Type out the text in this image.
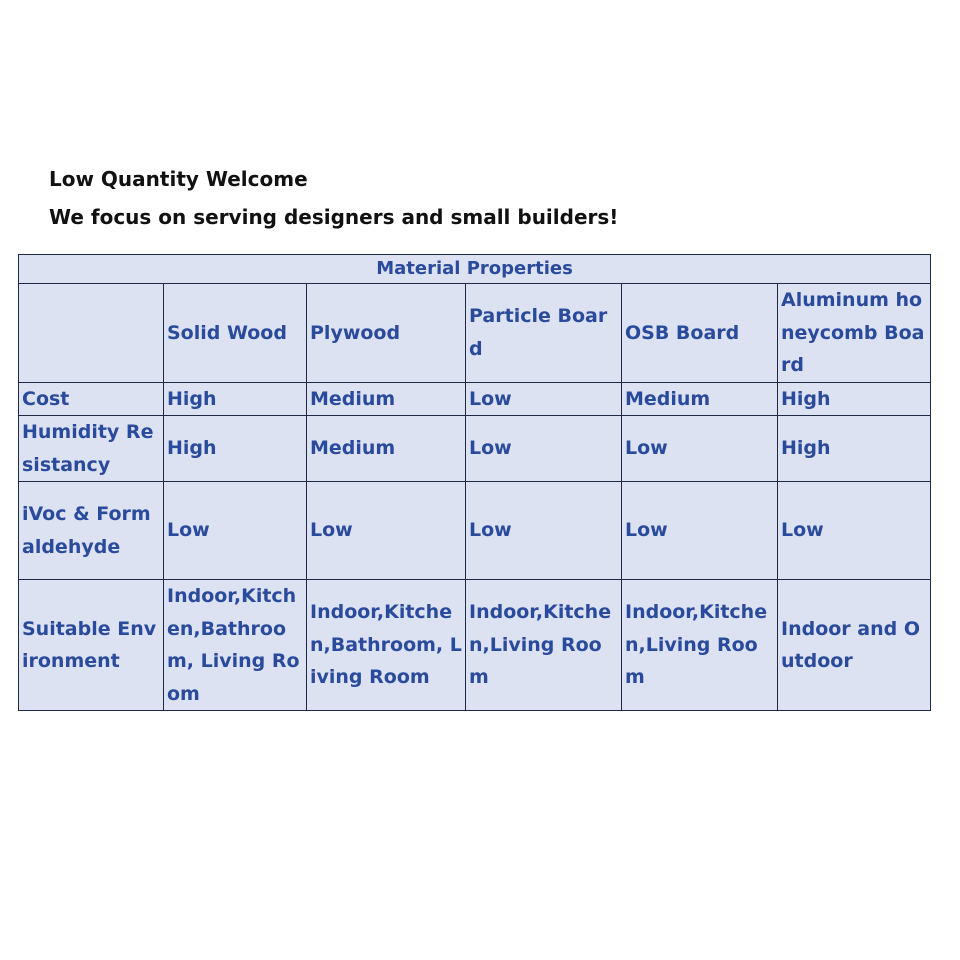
Low Quantity Welcome
We focus on serving designers and small builders!
Material Properties					
	Solid Wood	Plywood	Particle Board	OSB Board	Aluminum honeycomb Board
Cost	High	Medium	Low	Medium	High
Humidity Resistancy	High	Medium	Low	Low	High
iVoc & Formaldehyde	Low	Low	Low	Low	Low
Suitable Environment	Indoor,Kitchen,Bathroom, Living Room	Indoor,Kitchen,Bathroom, Living Room	Indoor,Kitchen,Living Room	Indoor,Kitchen,Living Room	Indoor and Outdoor
